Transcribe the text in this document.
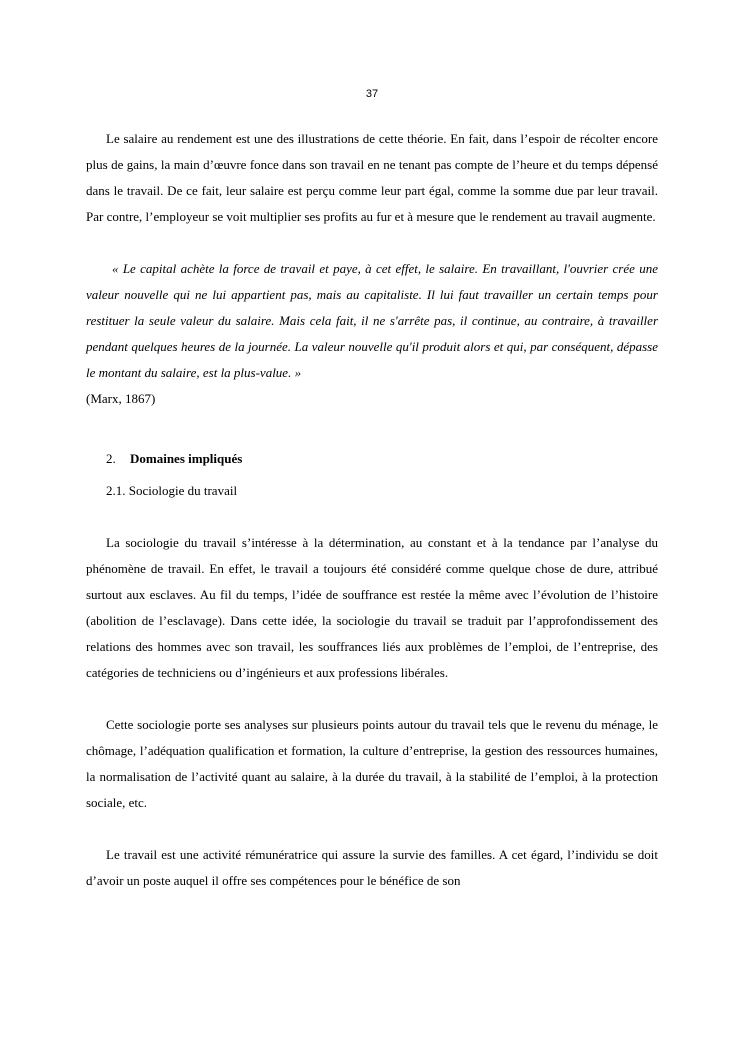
37

Le salaire au rendement est une des illustrations de cette théorie. En fait, dans l’espoir de récolter encore plus de gains, la main d’œuvre fonce dans son travail en ne tenant pas compte de l’heure et du temps dépensé dans le travail. De ce fait, leur salaire est perçu comme leur part égal, comme la somme due par leur travail. Par contre, l’employeur se voit multiplier ses profits au fur et à mesure que le rendement au travail augmente.

« Le capital achète la force de travail et paye, à cet effet, le salaire. En travaillant, l'ouvrier crée une valeur nouvelle qui ne lui appartient pas, mais au capitaliste. Il lui faut travailler un certain temps pour restituer la seule valeur du salaire. Mais cela fait, il ne s'arrête pas, il continue, au contraire, à travailler pendant quelques heures de la journée. La valeur nouvelle qu'il produit alors et qui, par conséquent, dépasse le montant du salaire, est la plus-value. »
(Marx, 1867)

2. Domaines impliqués

2.1. Sociologie du travail

La sociologie du travail s’intéresse à la détermination, au constant et à la tendance par l’analyse du phénomène de travail. En effet, le travail a toujours été considéré comme quelque chose de dure, attribué surtout aux esclaves. Au fil du temps, l’idée de souffrance est restée la même avec l’évolution de l’histoire (abolition de l’esclavage). Dans cette idée, la sociologie du travail se traduit par l’approfondissement des relations des hommes avec son travail, les souffrances liés aux problèmes de l’emploi, de l’entreprise, des catégories de techniciens ou d’ingénieurs et aux professions libérales.

Cette sociologie porte ses analyses sur plusieurs points autour du travail tels que le revenu du ménage, le chômage, l’adéquation qualification et formation, la culture d’entreprise, la gestion des ressources humaines, la normalisation de l’activité quant au salaire, à la durée du travail, à la stabilité de l’emploi, à la protection sociale, etc.

Le travail est une activité rémunératrice qui assure la survie des familles. A cet égard, l’individu se doit d’avoir un poste auquel il offre ses compétences pour le bénéfice de son
